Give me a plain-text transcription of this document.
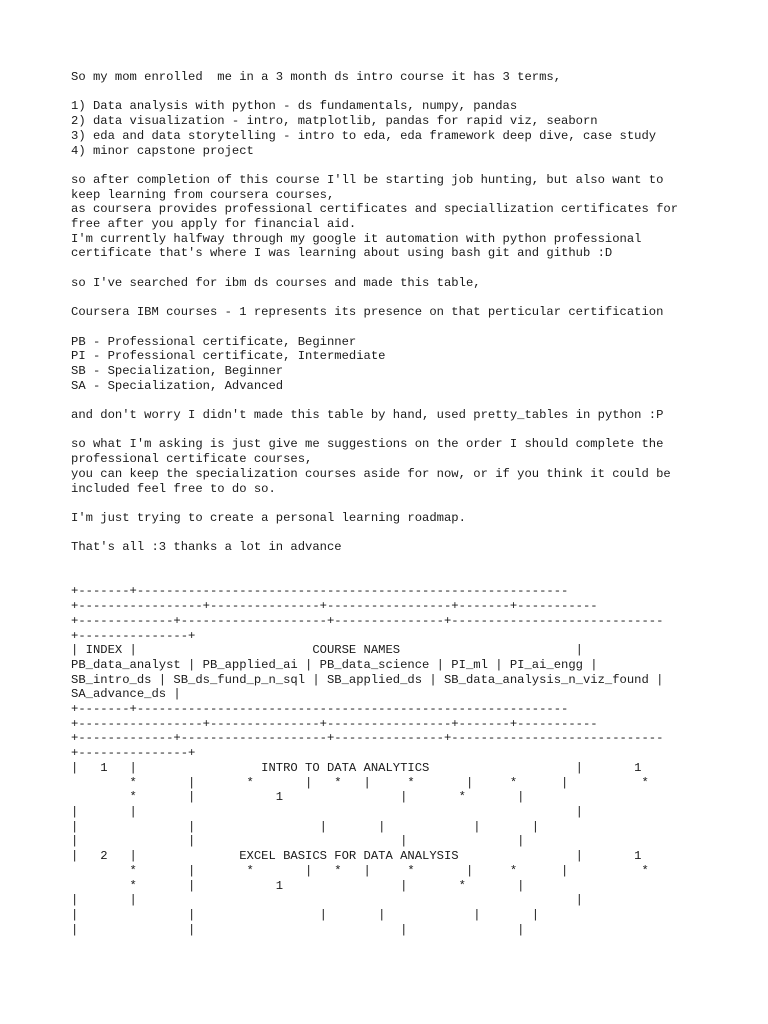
So my mom enrolled  me in a 3 month ds intro course it has 3 terms,

1) Data analysis with python - ds fundamentals, numpy, pandas

2) data visualization - intro, matplotlib, pandas for rapid viz, seaborn

3) eda and data storytelling - intro to eda, eda framework deep dive, case study

4) minor capstone project

so after completion of this course I'll be starting job hunting, but also want to
keep learning from coursera courses,
as coursera provides professional certificates and speciallization certificates for
free after you apply for financial aid.
I'm currently halfway through my google it automation with python professional
certificate that's where I was learning about using bash git and github :D

so I've searched for ibm ds courses and made this table,

Coursera IBM courses - 1 represents its presence on that perticular certification

PB - Professional certificate, Beginner

PI - Professional certificate, Intermediate

SB - Specialization, Beginner

SA - Specialization, Advanced

and don't worry I didn't made this table by hand, used pretty_tables in python :P

so what I'm asking is just give me suggestions on the order I should complete the
professional certificate courses,
you can keep the specialization courses aside for now, or if you think it could be
included feel free to do so.

I'm just trying to create a personal learning roadmap.

That's all :3 thanks a lot in advance

+-------+-----------------------------------------------------------
+-----------------+---------------+-----------------+-------+-----------
+-------------+--------------------+---------------+-----------------------------
+---------------+
| INDEX |                        COURSE NAMES                        |
PB_data_analyst | PB_applied_ai | PB_data_science | PI_ml | PI_ai_engg |
SB_intro_ds | SB_ds_fund_p_n_sql | SB_applied_ds | SB_data_analysis_n_viz_found |
SA_advance_ds |
+-------+-----------------------------------------------------------
+-----------------+---------------+-----------------+-------+-----------
+-------------+--------------------+---------------+-----------------------------
+---------------+
|   1   |                 INTRO TO DATA ANALYTICS                    |       1
*       |       *       |   *   |     *       |     *      |          *
*       |           1                |       *       |
|       |                                                            |
|               |                 |       |            |       |
|               |                            |               |
|   2   |              EXCEL BASICS FOR DATA ANALYSIS                |       1
*       |       *       |   *   |     *       |     *      |          *
*       |           1                |       *       |
|       |                                                            |
|               |                 |       |            |       |
|               |                            |               |
